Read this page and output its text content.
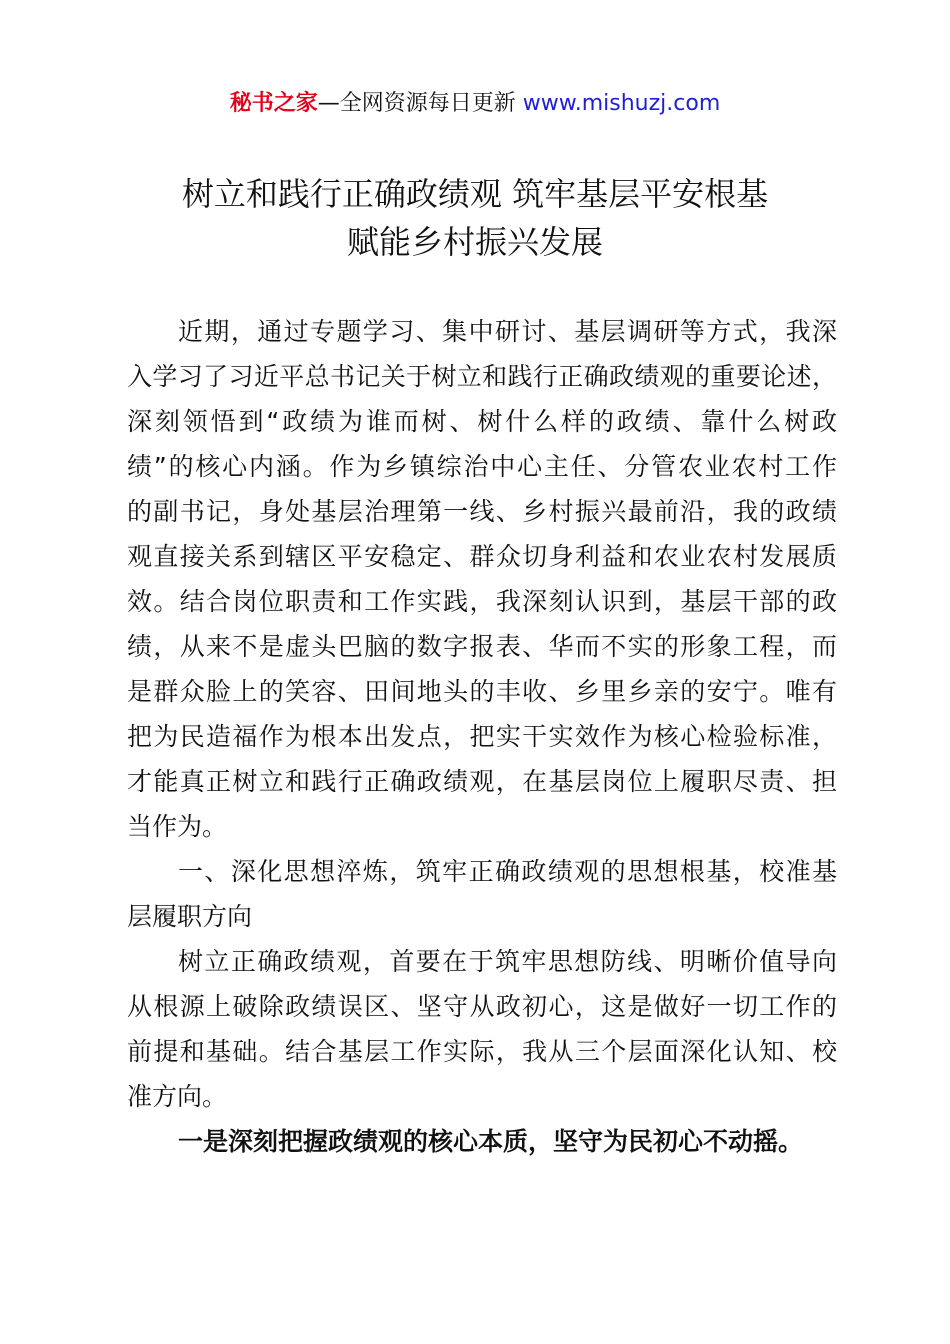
秘书之家—全网资源每日更新 www.mishuzj.com
树立和践行正确政绩观 筑牢基层平安根基
赋能乡村振兴发展
近期，通过专题学习、集中研讨、基层调研等方式，我深
入学习了习近平总书记关于树立和践行正确政绩观的重要论述，
深刻领悟到“政绩为谁而树、树什么样的政绩、靠什么树政
绩”的核心内涵。作为乡镇综治中心主任、分管农业农村工作
的副书记，身处基层治理第一线、乡村振兴最前沿，我的政绩
观直接关系到辖区平安稳定、群众切身利益和农业农村发展质
效。结合岗位职责和工作实践，我深刻认识到，基层干部的政
绩，从来不是虚头巴脑的数字报表、华而不实的形象工程，而
是群众脸上的笑容、田间地头的丰收、乡里乡亲的安宁。唯有
把为民造福作为根本出发点，把实干实效作为核心检验标准，
才能真正树立和践行正确政绩观，在基层岗位上履职尽责、担
当作为。
一、深化思想淬炼，筑牢正确政绩观的思想根基，校准基
层履职方向
树立正确政绩观，首要在于筑牢思想防线、明晰价值导向
从根源上破除政绩误区、坚守从政初心，这是做好一切工作的
前提和基础。结合基层工作实际，我从三个层面深化认知、校
准方向。
一是深刻把握政绩观的核心本质，坚守为民初心不动摇。
